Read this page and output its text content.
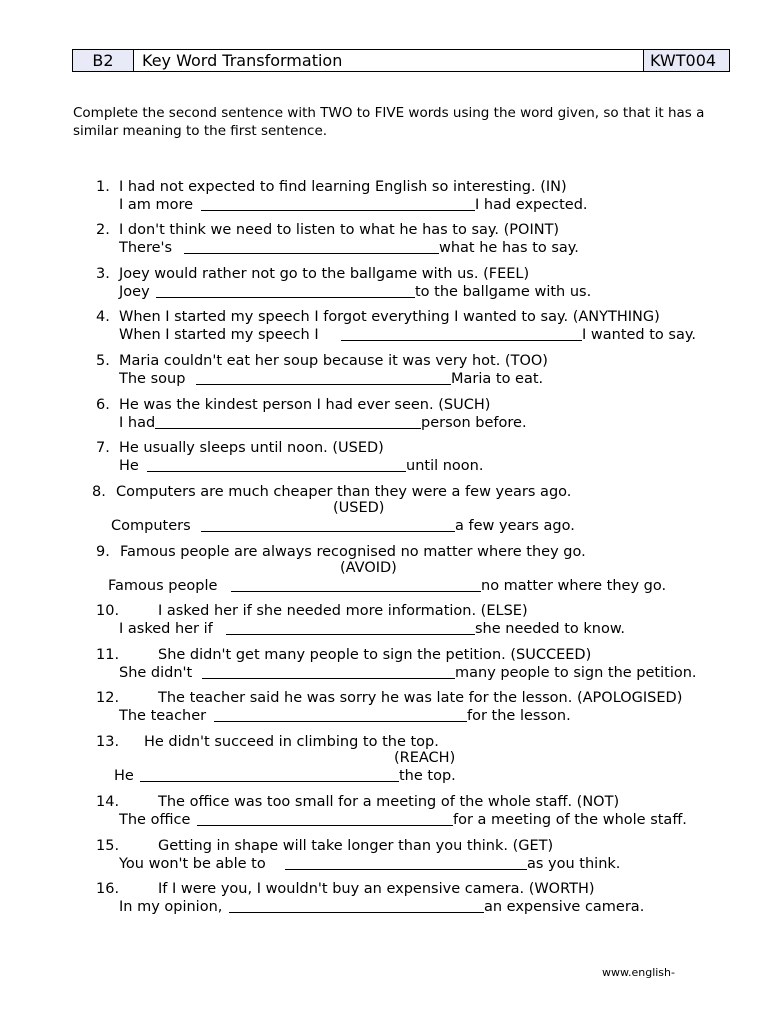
B2	Key Word Transformation	KWT004
Complete the second sentence with TWO to FIVE words using the word given, so that it has a similar meaning to the first sentence.
1. I had not expected to find learning English so interesting. (IN)
I am more	I had expected.
2. I don't think we need to listen to what he has to say. (POINT)
There's	what he has to say.
3. Joey would rather not go to the ballgame with us. (FEEL)
Joey	to the ballgame with us.
4. When I started my speech I forgot everything I wanted to say. (ANYTHING)
When I started my speech I	I wanted to say.
5. Maria couldn't eat her soup because it was very hot. (TOO)
The soup	Maria to eat.
6. He was the kindest person I had ever seen. (SUCH)
I had	person before.
7. He usually sleeps until noon. (USED)
He	until noon.
8. Computers are much cheaper than they were a few years ago.
(USED)
Computers	a few years ago.
9. Famous people are always recognised no matter where they go.
(AVOID)
Famous people	no matter where they go.
10.	I asked her if she needed more information. (ELSE)
I asked her if	she needed to know.
11.	She didn't get many people to sign the petition. (SUCCEED)
She didn't	many people to sign the petition.
12.	The teacher said he was sorry he was late for the lesson. (APOLOGISED)
The teacher	for the lesson.
13. He didn't succeed in climbing to the top.
(REACH)
He	the top.
14.	The office was too small for a meeting of the whole staff. (NOT)
The office	for a meeting of the whole staff.
15.	Getting in shape will take longer than you think. (GET)
You won't be able to	as you think.
16.	If I were you, I wouldn't buy an expensive camera. (WORTH)
In my opinion,	an expensive camera.
www.english-
